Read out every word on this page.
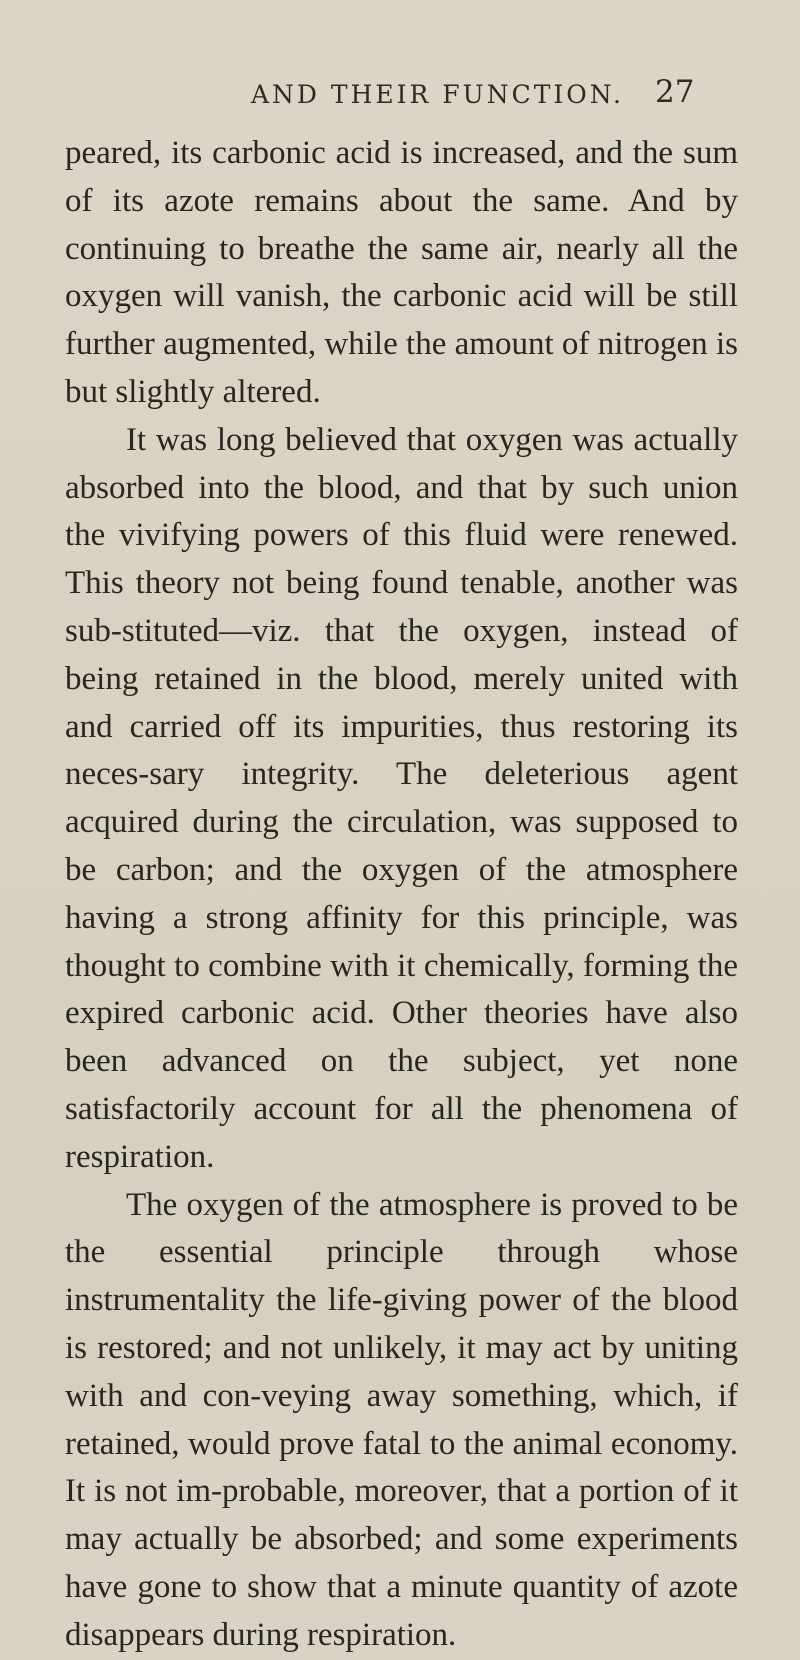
AND THEIR FUNCTION. 27

peared, its carbonic acid is increased, and the sum of its azote remains about the same. And by continuing to breathe the same air, nearly all the oxygen will vanish, the carbonic acid will be still further augmented, while the amount of nitrogen is but slightly altered.

It was long believed that oxygen was actually absorbed into the blood, and that by such union the vivifying powers of this fluid were renewed. This theory not being found tenable, another was sub-stituted—viz. that the oxygen, instead of being retained in the blood, merely united with and carried off its impurities, thus restoring its neces-sary integrity. The deleterious agent acquired during the circulation, was supposed to be carbon; and the oxygen of the atmosphere having a strong affinity for this principle, was thought to combine with it chemically, forming the expired carbonic acid. Other theories have also been advanced on the subject, yet none satisfactorily account for all the phenomena of respiration.

The oxygen of the atmosphere is proved to be the essential principle through whose instrumentality the life-giving power of the blood is restored; and not unlikely, it may act by uniting with and con-veying away something, which, if retained, would prove fatal to the animal economy. It is not im-probable, moreover, that a portion of it may actually be absorbed; and some experiments have gone to show that a minute quantity of azote disappears during respiration.
